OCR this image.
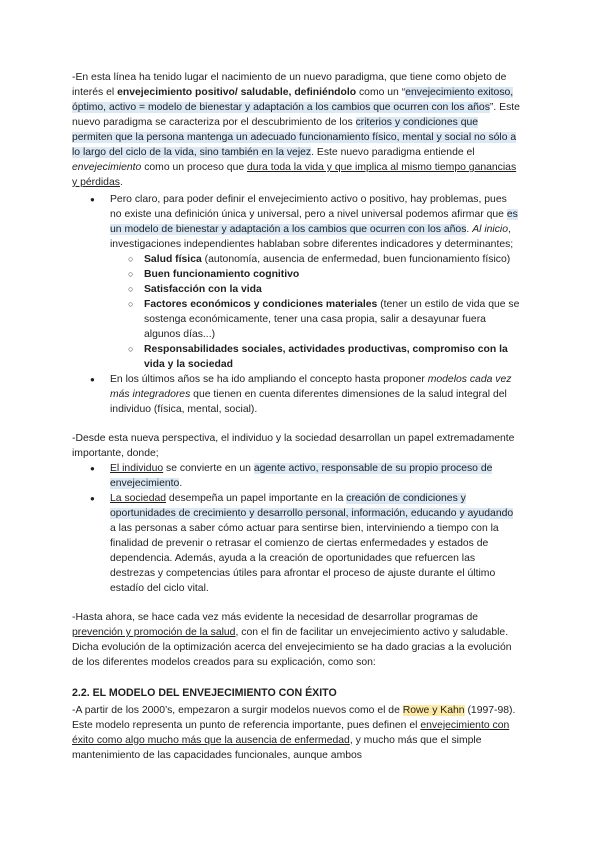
-En esta línea ha tenido lugar el nacimiento de un nuevo paradigma, que tiene como objeto de interés el envejecimiento positivo/ saludable, definiéndolo como un “envejecimiento exitoso, óptimo, activo = modelo de bienestar y adaptación a los cambios que ocurren con los años”. Este nuevo paradigma se caracteriza por el descubrimiento de los criterios y condiciones que permiten que la persona mantenga un adecuado funcionamiento físico, mental y social no sólo a lo largo del ciclo de la vida, sino también en la vejez. Este nuevo paradigma entiende el envejecimiento como un proceso que dura toda la vida y que implica al mismo tiempo ganancias y pérdidas.

● Pero claro, para poder definir el envejecimiento activo o positivo, hay problemas, pues no existe una definición única y universal, pero a nivel universal podemos afirmar que es un modelo de bienestar y adaptación a los cambios que ocurren con los años. Al inicio, investigaciones independientes hablaban sobre diferentes indicadores y determinantes;
○ Salud física (autonomía, ausencia de enfermedad, buen funcionamiento físico)
○ Buen funcionamiento cognitivo
○ Satisfacción con la vida
○ Factores económicos y condiciones materiales (tener un estilo de vida que se sostenga económicamente, tener una casa propia, salir a desayunar fuera algunos días...)
○ Responsabilidades sociales, actividades productivas, compromiso con la vida y la sociedad
● En los últimos años se ha ido ampliando el concepto hasta proponer modelos cada vez más integradores que tienen en cuenta diferentes dimensiones de la salud integral del individuo (física, mental, social).

-Desde esta nueva perspectiva, el individuo y la sociedad desarrollan un papel extremadamente importante, donde;

● El individuo se convierte en un agente activo, responsable de su propio proceso de envejecimiento.
● La sociedad desempeña un papel importante en la creación de condiciones y oportunidades de crecimiento y desarrollo personal, información, educando y ayudando a las personas a saber cómo actuar para sentirse bien, interviniendo a tiempo con la finalidad de prevenir o retrasar el comienzo de ciertas enfermedades y estados de dependencia. Además, ayuda a la creación de oportunidades que refuercen las destrezas y competencias útiles para afrontar el proceso de ajuste durante el último estadío del ciclo vital.

-Hasta ahora, se hace cada vez más evidente la necesidad de desarrollar programas de prevención y promoción de la salud, con el fin de facilitar un envejecimiento activo y saludable. Dicha evolución de la optimización acerca del envejecimiento se ha dado gracias a la evolución de los diferentes modelos creados para su explicación, como son:

2.2. EL MODELO DEL ENVEJECIMIENTO CON ÉXITO

-A partir de los 2000’s, empezaron a surgir modelos nuevos como el de Rowe y Kahn (1997-98). Este modelo representa un punto de referencia importante, pues definen el envejecimiento con éxito como algo mucho más que la ausencia de enfermedad, y mucho más que el simple mantenimiento de las capacidades funcionales, aunque ambos
